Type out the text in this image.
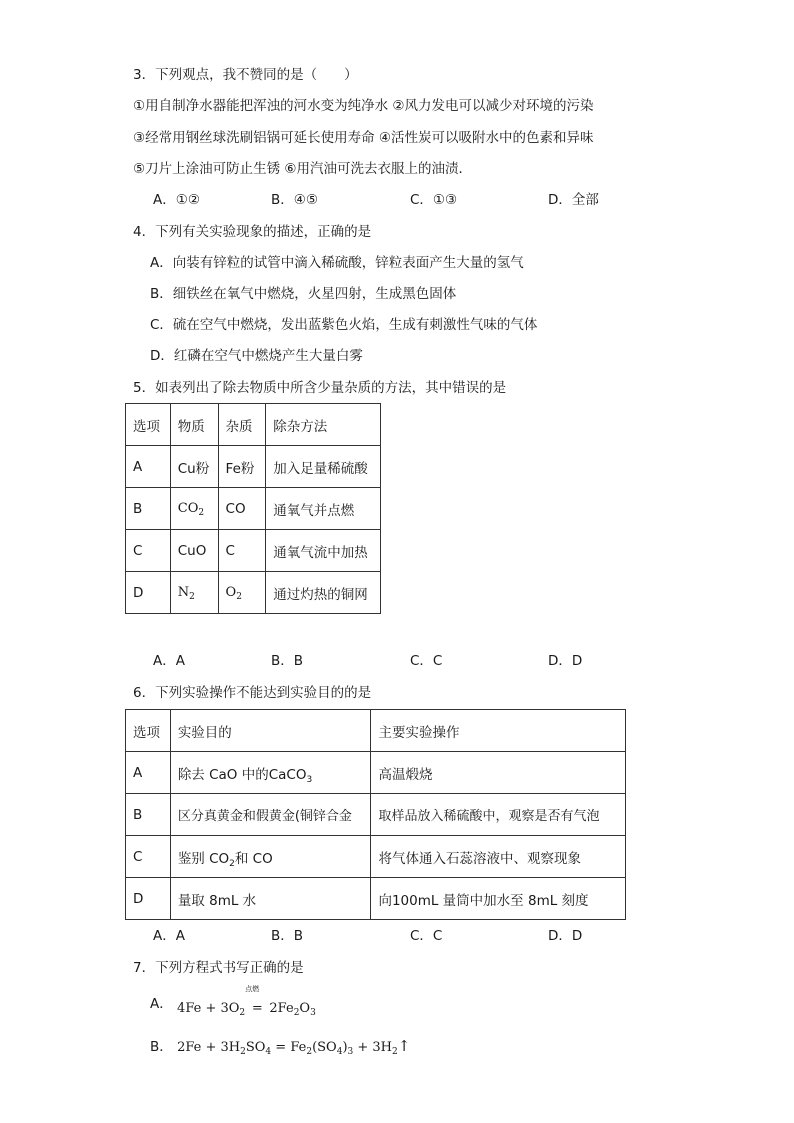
3．下列观点，我不赞同的是（　　）
①用自制净水器能把浑浊的河水变为纯净水 ②风力发电可以减少对环境的污染
③经常用钢丝球洗刷铝锅可延长使用寿命 ④活性炭可以吸附水中的色素和异味
⑤刀片上涂油可防止生锈 ⑥用汽油可洗去衣服上的油渍．
A．①②	B．④⑤	C．①③	D．全部
4．下列有关实验现象的描述，正确的是
A．向装有锌粒的试管中滴入稀硫酸，锌粒表面产生大量的氢气
B．细铁丝在氧气中燃烧，火星四射，生成黑色固体
C．硫在空气中燃烧，发出蓝紫色火焰，生成有刺激性气味的气体
D．红磷在空气中燃烧产生大量白雾
5．如表列出了除去物质中所含少量杂质的方法，其中错误的是
选项	物质	杂质	除杂方法
A	Cu粉	Fe粉	加入足量稀硫酸
B	$CO_2$	CO	通氧气并点燃
C	CuO	C	通氧气流中加热
D	$N_2$	$O_2$	通过灼热的铜网
A．A	B．B	C．C	D．D
6．下列实验操作不能达到实验目的的是
选项	实验目的	主要实验操作
A	除去 CaO 中的CaCO$_3$	高温煅烧
B	区分真黄金和假黄金(铜锌合金	取样品放入稀硫酸中，观察是否有气泡
C	鉴别 $CO_2$和 CO	将气体通入石蕊溶液中、观察现象
D	量取 8mL 水	向100mL 量筒中加水至 8mL 刻度
A．A	B．B	C．C	D．D
7．下列方程式书写正确的是
A． $4Fe + 3O_2$
点燃
= $2Fe_2O_3$
B． $2Fe + 3H_2SO_4 = Fe_2(SO_4)_3$ + $3H_2↑$
